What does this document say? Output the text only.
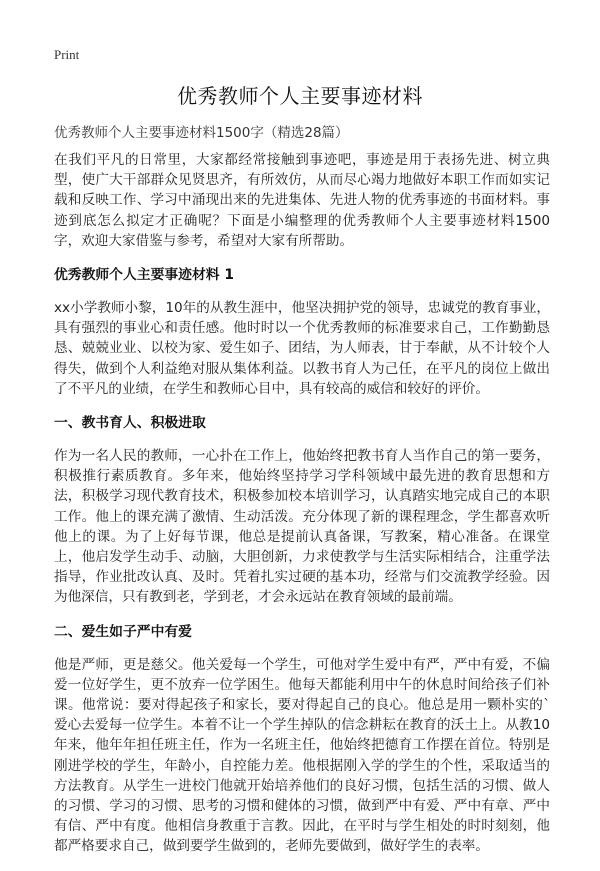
Print
优秀教师个人主要事迹材料
优秀教师个人主要事迹材料1500字（精选28篇）

在我们平凡的日常里，大家都经常接触到事迹吧，事迹是用于表扬先进、树立典型，使广大干部群众见贤思齐，有所效仿，从而尽心竭力地做好本职工作而如实记载和反映工作、学习中涌现出来的先进集体、先进人物的优秀事迹的书面材料。事迹到底怎么拟定才正确呢？下面是小编整理的优秀教师个人主要事迹材料1500字，欢迎大家借鉴与参考，希望对大家有所帮助。

优秀教师个人主要事迹材料 1

xx小学教师小黎，10年的从教生涯中，他坚决拥护党的领导，忠诚党的教育事业，具有强烈的事业心和责任感。他时时以一个优秀教师的标准要求自己，工作勤勤恳恳、兢兢业业、以校为家、爱生如子、团结，为人师表，甘于奉献，从不计较个人得失，做到个人利益绝对服从集体利益。以教书育人为己任，在平凡的岗位上做出了不平凡的业绩，在学生和教师心目中，具有较高的威信和较好的评价。

一、教书育人、积极进取

作为一名人民的教师，一心扑在工作上，他始终把教书育人当作自己的第一要务，积极推行素质教育。多年来，他始终坚持学习学科领域中最先进的教育思想和方法，积极学习现代教育技术，积极参加校本培训学习，认真踏实地完成自己的本职工作。他上的课充满了激情、生动活泼。充分体现了新的课程理念，学生都喜欢听他上的课。为了上好每节课，他总是提前认真备课，写教案，精心准备。在课堂上，他启发学生动手、动脑，大胆创新，力求使教学与生活实际相结合，注重学法指导，作业批改认真、及时。凭着扎实过硬的基本功，经常与们交流教学经验。因为他深信，只有教到老，学到老，才会永远站在教育领域的最前端。

二、爱生如子严中有爱

他是严师，更是慈父。他关爱每一个学生，可他对学生爱中有严，严中有爱，不偏爱一位好学生，更不放弃一位学困生。他每天都能利用中午的休息时间给孩子们补课。他常说：要对得起孩子和家长，要对得起自己的良心。他总是用一颗朴实的`爱心去爱每一位学生。本着不让一个学生掉队的信念耕耘在教育的沃土上。从教10年来，他年年担任班主任，作为一名班主任，他始终把德育工作摆在首位。特别是刚进学校的学生，年龄小，自控能力差。他根据刚入学的学生的个性，采取适当的方法教育。从学生一进校门他就开始培养他们的良好习惯，包括生活的习惯、做人的习惯、学习的习惯、思考的习惯和健体的习惯，做到严中有爱、严中有章、严中有信、严中有度。他相信身教重于言教。因此，在平时与学生相处的时时刻刻，他都严格要求自己，做到要学生做到的，老师先要做到，做好学生的表率。
